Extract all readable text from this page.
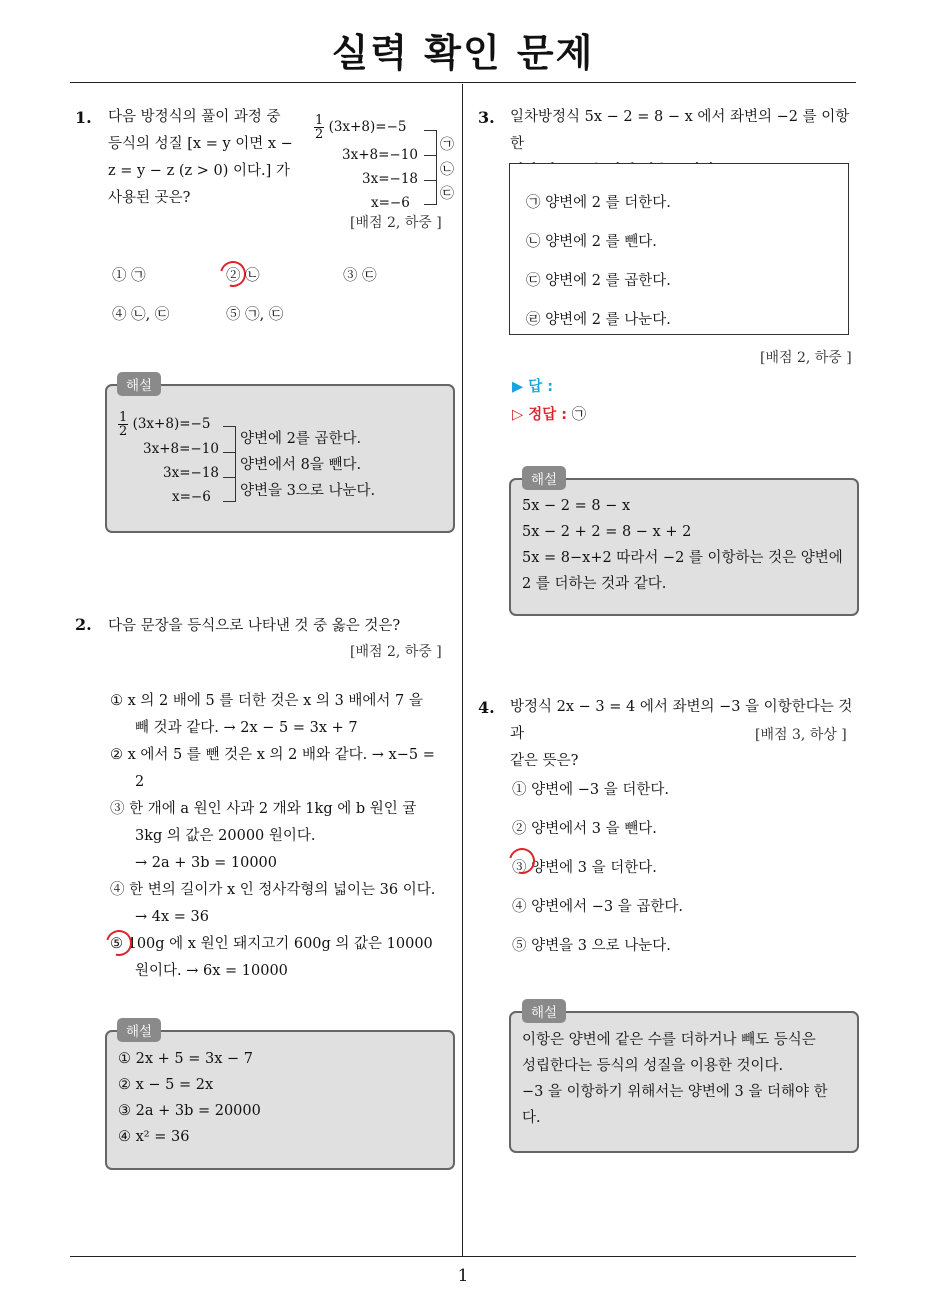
실력 확인 문제
1
1. 다음 방정식의 풀이 과정 중
등식의 성질 [x = y 이면 x −
z = y − z (z > 0) 이다.] 가
사용된 곳은?
$\frac{1}{2} (3x+8)=-5$
3x+8=−10
3x=−18
x=−6
㉠
㉡
㉢
[배점 2, 하중 ]
① ㉠	② ㉡	③ ㉢
④ ㉡, ㉢	⑤ ㉠, ㉢
해설
$\frac{1}{2} (3x+8)=-5$
3x+8=−10
3x=−18
x=−6
양변에 2를 곱한다.
양변에서 8을 뺀다.
양변을 3으로 나눈다.
2. 다음 문장을 등식으로 나타낸 것 중 옳은 것은?
[배점 2, 하중 ]
① x 의 2 배에 5 를 더한 것은 x 의 3 배에서 7 을
빼 것과 같다. → 2x − 5 = 3x + 7
② x 에서 5 를 뺀 것은 x 의 2 배와 같다. → x−5 =
2
③ 한 개에 a 원인 사과 2 개와 1kg 에 b 원인 귤
3kg 의 값은 20000 원이다.
→ 2a + 3b = 10000
④ 한 변의 길이가 x 인 정사각형의 넓이는 36 이다.
→ 4x = 36
⑤ 100g 에 x 원인 돼지고기 600g 의 값은 10000
원이다. → 6x = 10000
해설
① 2x + 5 = 3x − 7
② x − 5 = 2x
③ 2a + 3b = 20000
④ x² = 36
3. 일차방정식 5x − 2 = 8 − x 에서 좌변의 −2 를 이항한
㉠ 양변에 2 를 더한다.
㉡ 양변에 2 를 뺀다.
㉢ 양변에 2 를 곱한다.
㉣ 양변에 2 를 나눈다.
[배점 2, 하중 ]
▶ 답 :
▷ 정답 : ㉠
해설
5x − 2 = 8 − x
5x − 2 + 2 = 8 − x + 2
5x = 8−x+2 따라서 −2 를 이항하는 것은 양변에
2 를 더하는 것과 같다.
4. 방정식 2x − 3 = 4 에서 좌변의 −3 을 이항한다는 것과
같은 뜻은?
[배점 3, 하상 ]
① 양변에 −3 을 더한다.
② 양변에서 3 을 뺀다.
③ 양변에 3 을 더한다.
④ 양변에서 −3 을 곱한다.
⑤ 양변을 3 으로 나눈다.
해설
이항은 양변에 같은 수를 더하거나 빼도 등식은
성립한다는 등식의 성질을 이용한 것이다.
−3 을 이항하기 위해서는 양변에 3 을 더해야 한
다.
